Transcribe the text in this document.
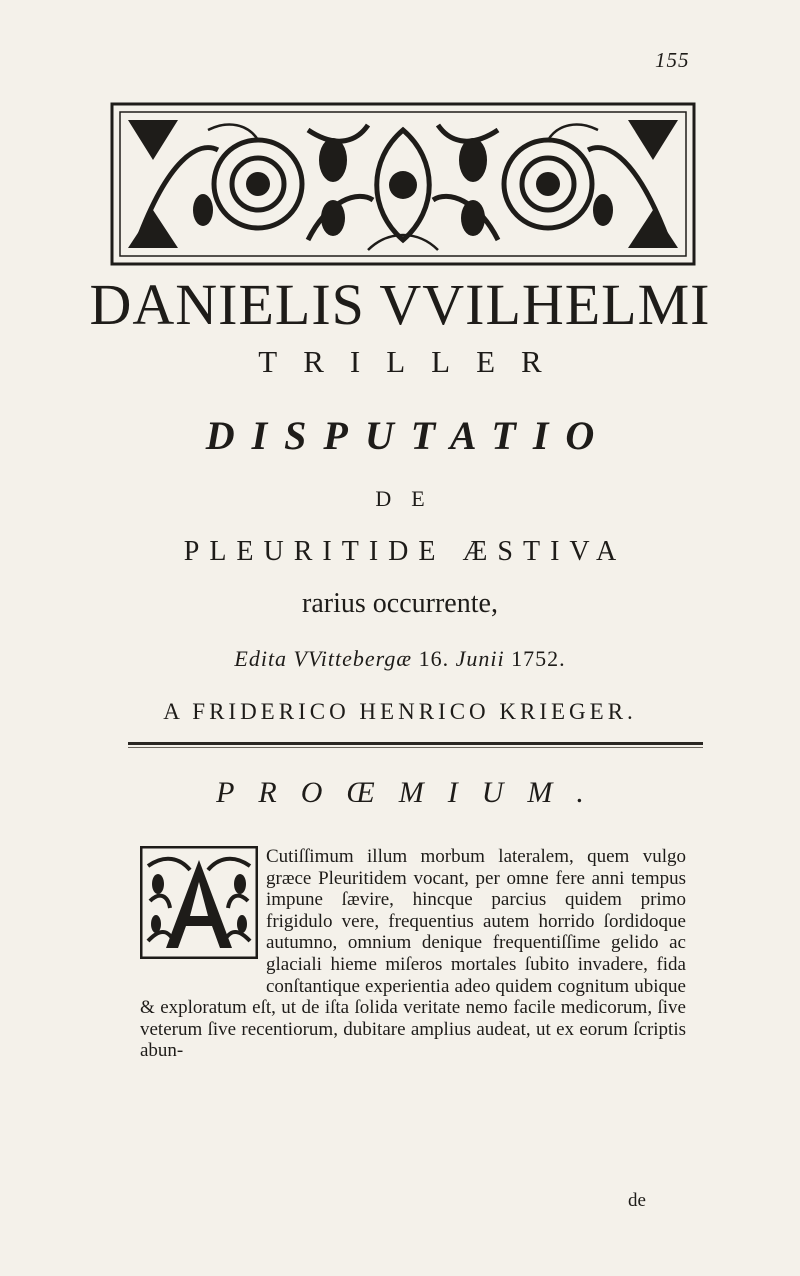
155
DANIELIS VVILHELMI
TRILLER
DISPUTATIO
DE
PLEURITIDE ÆSTIVA
rarius occurrente,
Edita VVittebergæ 16. Junii 1752.
A FRIDERICO HENRICO KRIEGER.
PROŒMIUM.
Cutiſſimum illum morbum lateralem, quem vulgo græce Pleuritidem vocant, per omne fere anni tempus impune ſævire, hincque parcius quidem primo frigidulo vere, frequentius autem horrido ſordidoque autumno, omnium denique frequentiſſime gelido ac glaciali hieme miſeros mortales ſubito invadere, fida conſtantique experientia adeo quidem cognitum ubique & exploratum eſt, ut de iſta ſolida veritate nemo facile medicorum, ſive veterum ſive recentiorum, dubitare amplius audeat, ut ex eorum ſcriptis abun-
de
